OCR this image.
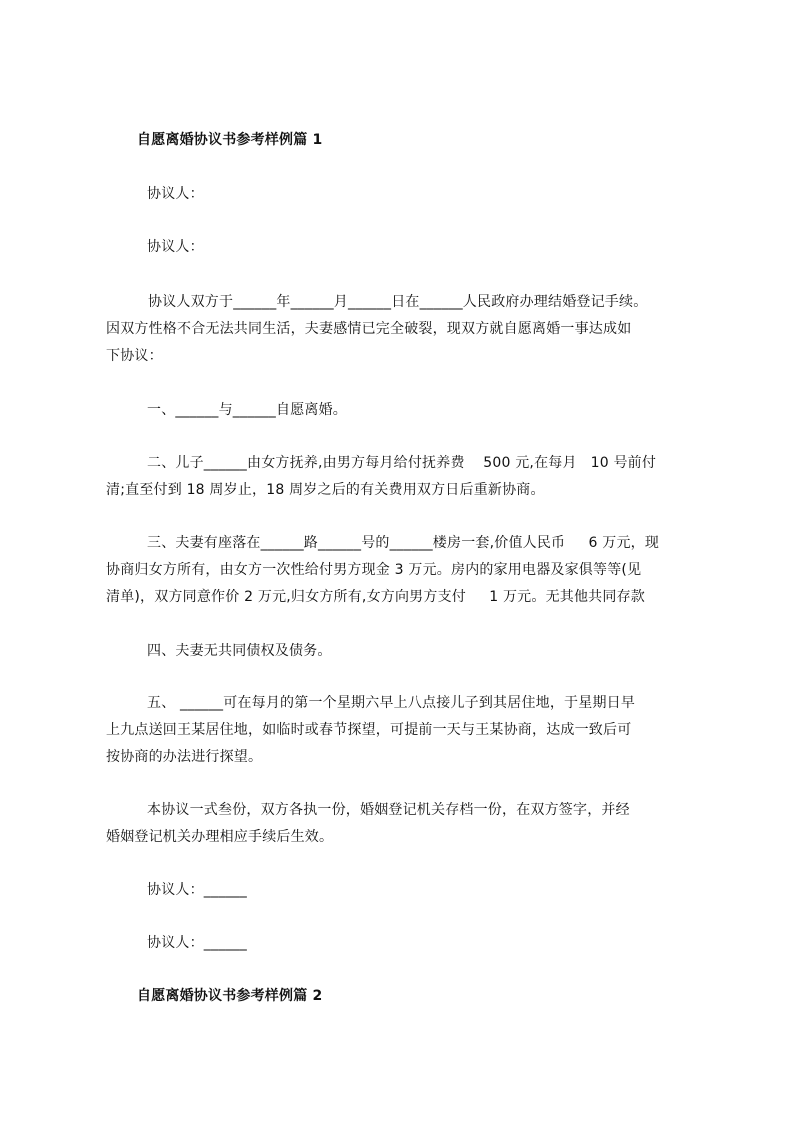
自愿离婚协议书参考样例篇 1
协议人：
协议人：
协议人双方于______年______月______日在______人民政府办理结婚登记手续。
因双方性格不合无法共同生活，夫妻感情已完全破裂，现双方就自愿离婚一事达成如
下协议：
一、______与______自愿离婚。
二、儿子______由女方抚养,由男方每月给付抚养费    500 元,在每月   10 号前付
清;直至付到 18 周岁止，18 周岁之后的有关费用双方日后重新协商。
三、夫妻有座落在______路______号的______楼房一套,价值人民币     6 万元，现
协商归女方所有，由女方一次性给付男方现金 3 万元。房内的家用电器及家俱等等(见
清单)，双方同意作价 2 万元,归女方所有,女方向男方支付     1 万元。无其他共同存款
四、夫妻无共同债权及债务。
五、 ______可在每月的第一个星期六早上八点接儿子到其居住地，于星期日早
上九点送回王某居住地，如临时或春节探望，可提前一天与王某协商，达成一致后可
按协商的办法进行探望。
本协议一式叁份，双方各执一份，婚姻登记机关存档一份，在双方签字，并经
婚姻登记机关办理相应手续后生效。
协议人：______
协议人：______
自愿离婚协议书参考样例篇 2
